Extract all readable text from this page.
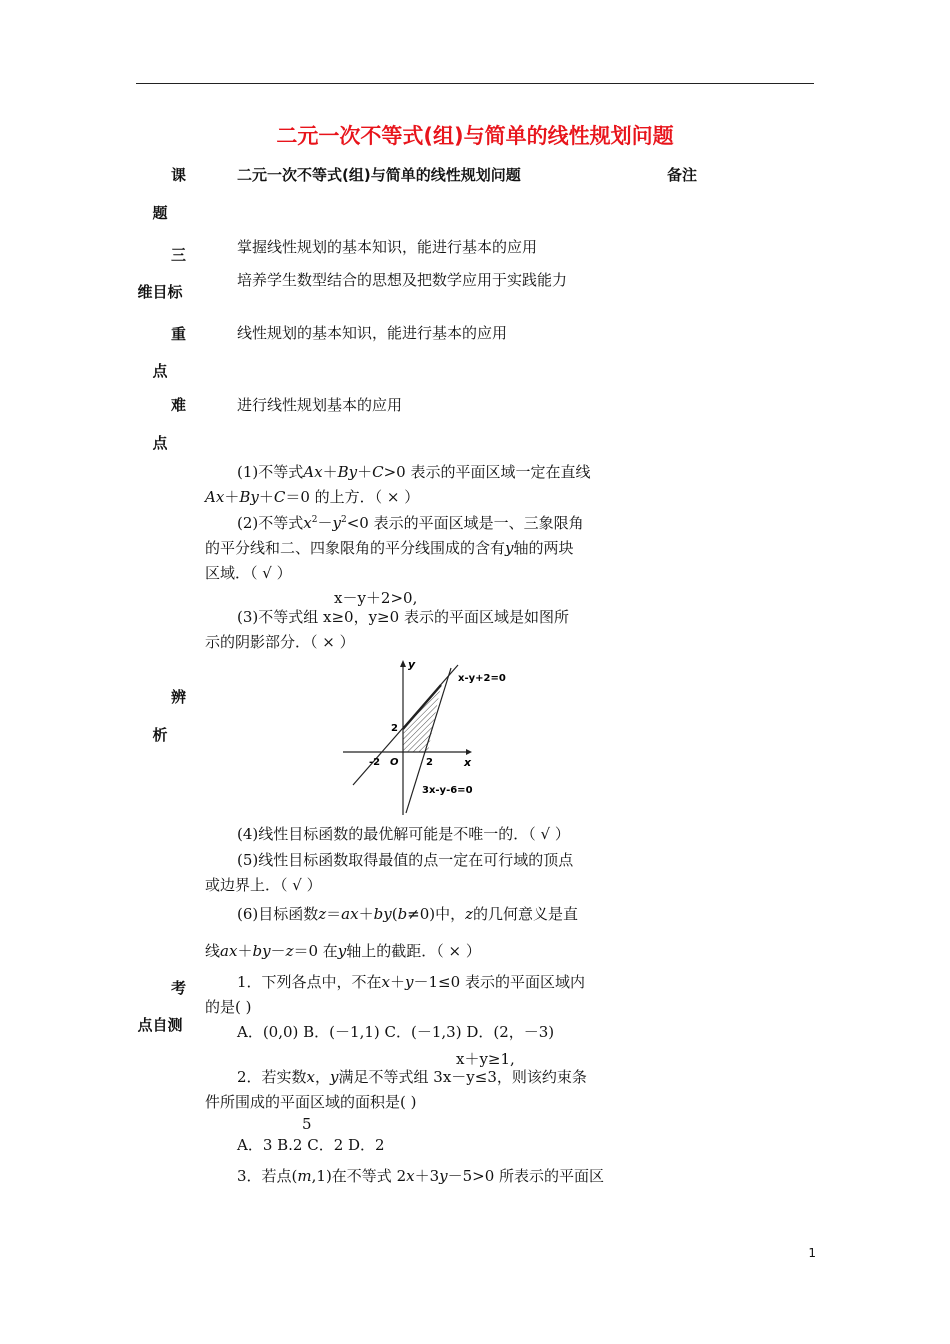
二元一次不等式(组)与简单的线性规划问题
课
题
二元一次不等式(组)与简单的线性规划问题	备注
三
维目标
掌握线性规划的基本知识，能进行基本的应用
培养学生数型结合的思想及把数学应用于实践能力
重
点
线性规划的基本知识，能进行基本的应用
难
点
进行线性规划基本的应用
(1)不等式Ax＋By＋C>0 表示的平面区域一定在直线
Ax＋By＋C＝0 的上方．（ × ）
(2)不等式$x^2-y^2<0$ 表示的平面区域是一、三象限角
的平分线和二、四象限角的平分线围成的含有y轴的两块
区域．（ √ ）
x－y＋2>0,
(3)不等式组 x≥0，y≥0 表示的平面区域是如图所
示的阴影部分．（ × ）
辨
析
y
x
x-y+2=0
3x-y-6=0
2
-2 O	2
(4)线性目标函数的最优解可能是不唯一的．（ √ ）
(5)线性目标函数取得最值的点一定在可行域的顶点
或边界上．（ √ ）
(6)目标函数z＝ax＋by(b≠0)中，z的几何意义是直
线ax＋by－z＝0 在y轴上的截距．（ × ）
考
点自测
1．下列各点中，不在x＋y－1≤0 表示的平面区域内
的是( )
A．(0,0) B．(－1,1) C．(－1,3) D．(2，－3)
x＋y≥1,
2．若实数x，y满足不等式组 3x－y≤3，则该约束条
件所围成的平面区域的面积是( )
5
A．3 B.2 C．2 D．2
3．若点(m,1)在不等式 2x＋3y－5>0 所表示的平面区
1
